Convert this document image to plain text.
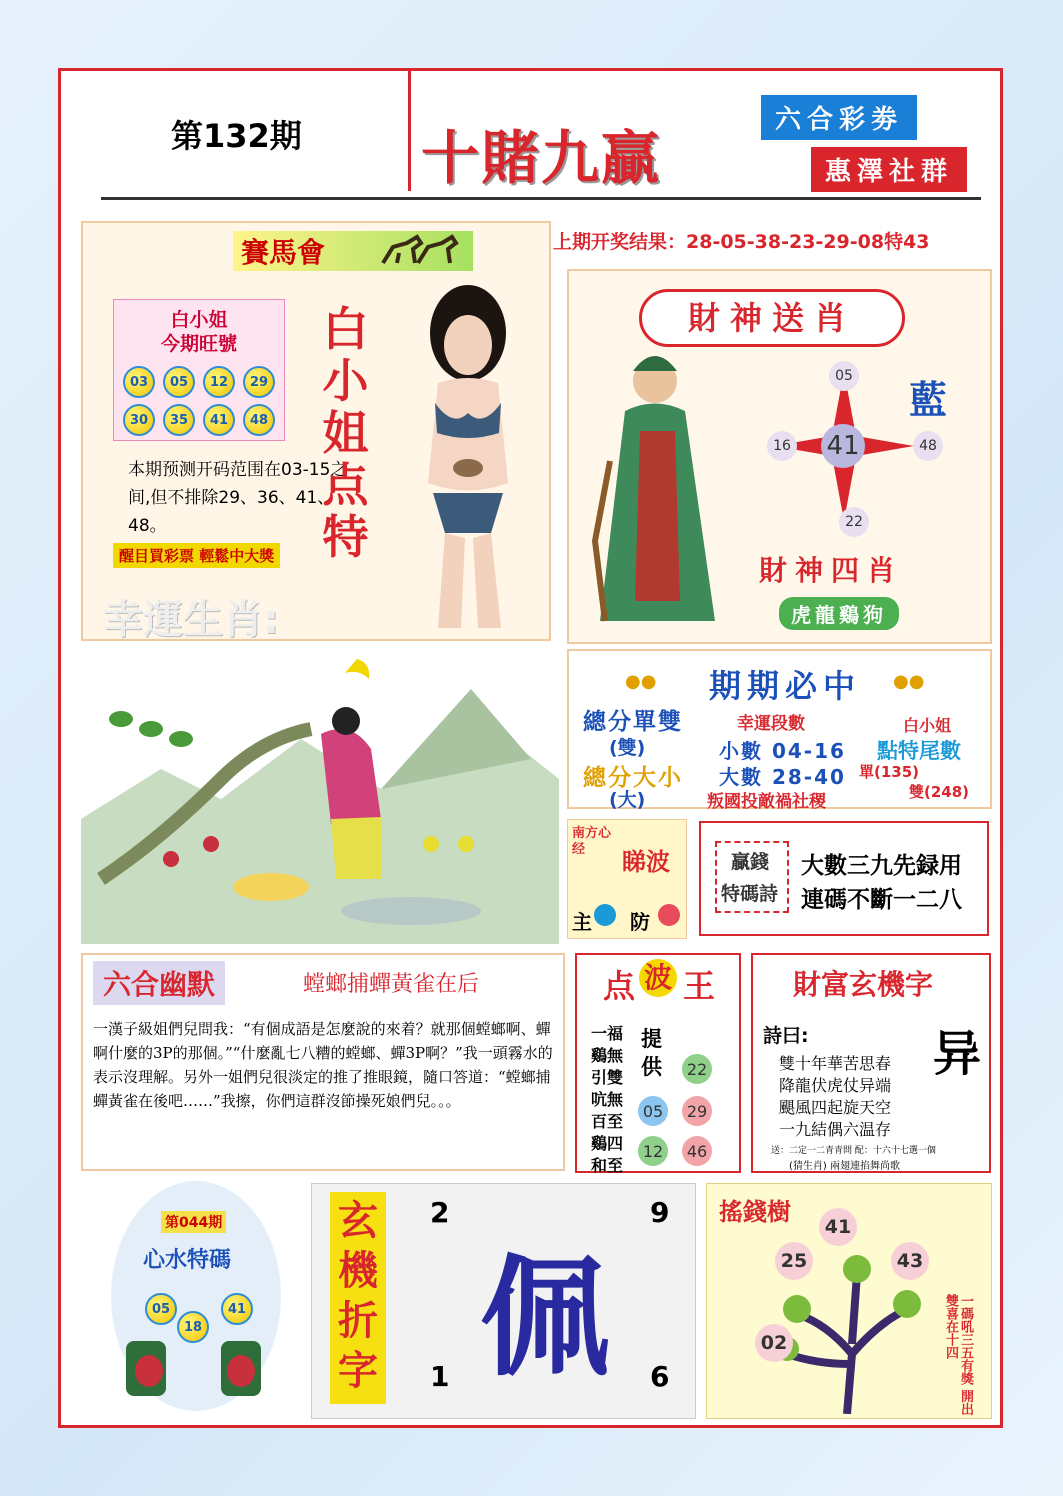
第132期 十賭九贏
六合彩劵
惠澤社群
賽馬會
白小姐
今期旺號
03	05	12	29
30	35	41	48
本期预测开码范围在03-15之间,但不排除29、36、41、48。
醒目買彩票 輕鬆中大獎
幸運生肖:
白小姐点特
上期开奖结果：28-05-38-23-29-08特43
財神送肖
藍
05
16 41	48
22
財神四肖
虎龍鷄狗
期期必中
●●	●●
總分單雙
(雙)
總分大小
(大)
幸運段數
小數 04-16
大數 28-40
叛國投敵禍社稷
白小姐
點特尾數
單(135)
雙(248)
南方心经	睇波
主 防
贏錢
特碼詩
大數三九先録用
連碼不斷一二八
六合幽默	螳螂捕蟬黃雀在后
一漢子級姐們兒問我：“有個成語是怎麼說的來着？就那個螳螂啊、蟬啊什麼的3P的那個。”“什麼亂七八糟的螳螂、蟬3P啊？”我一頭霧水的表示沒理解。另外一姐們兒很淡定的推了推眼鏡，隨口答道：“螳螂捕蟬黃雀在後吧……”我擦，你們這群沒節操死娘們兒。。。
点 波 王
一福
鷄無
引雙
吭無
百至
鷄四
和至
提供	22
05	29
12	46
財富玄機字
詩曰:	异
雙十年華苦思春
降龍伏虎仗异端
颶風四起旋天空
一九結偶六温存
送：二定一二青青問 配：十六十七選一個
(猜生肖) 兩翅連掐舞尚歌
第044期
心水特碼
05
18
41
玄機折字
2	9
1	6
佩
搖錢樹
41
25	43
02	一碼吼三五有獎 開出雙喜在十四
